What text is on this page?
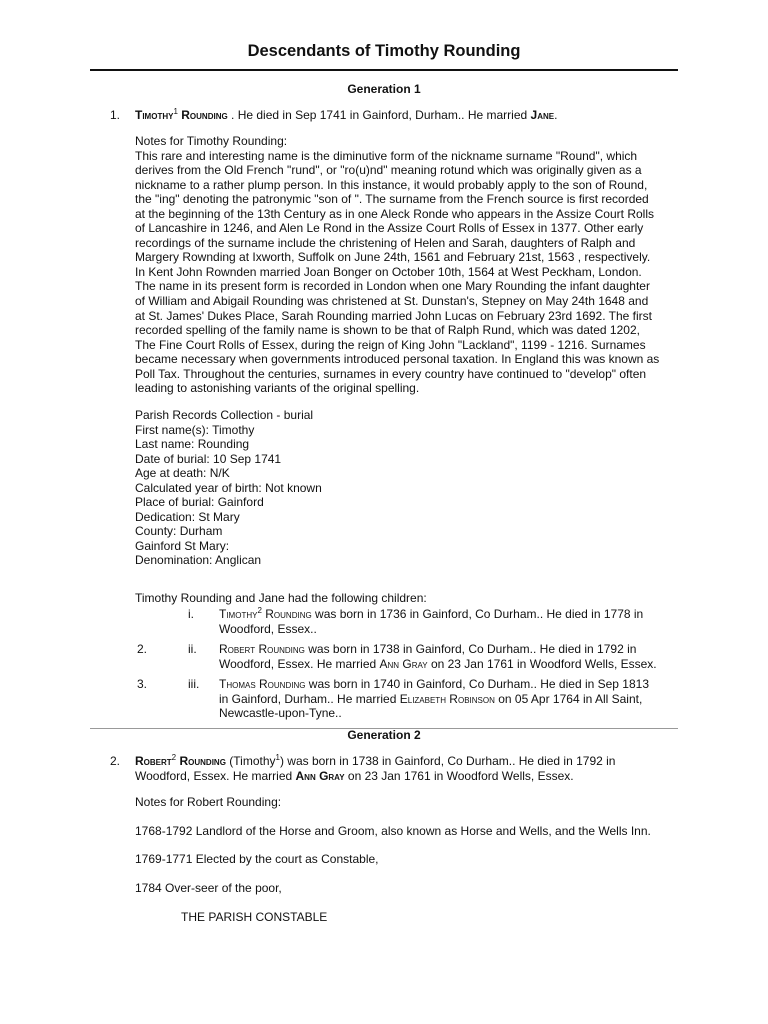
Descendants of Timothy Rounding
Generation 1
1. Timothy$^1$ Rounding . He died in Sep 1741 in Gainford, Durham.. He married Jane.
Notes for Timothy Rounding:
This rare and interesting name is the diminutive form of the nickname surname "Round", which
derives from the Old French "rund", or "ro(u)nd" meaning rotund which was originally given as a
nickname to a rather plump person. In this instance, it would probably apply to the son of Round,
the "ing" denoting the patronymic "son of ". The surname from the French source is first recorded
at the beginning of the 13th Century as in one Aleck Ronde who appears in the Assize Court Rolls
of Lancashire in 1246, and Alen Le Rond in the Assize Court Rolls of Essex in 1377. Other early
recordings of the surname include the christening of Helen and Sarah, daughters of Ralph and
Margery Rownding at Ixworth, Suffolk on June 24th, 1561 and February 21st, 1563 , respectively.
In Kent John Rownden married Joan Bonger on October 10th, 1564 at West Peckham, London.
The name in its present form is recorded in London when one Mary Rounding the infant daughter
of William and Abigail Rounding was christened at St. Dunstan's, Stepney on May 24th 1648 and
at St. James' Dukes Place, Sarah Rounding married John Lucas on February 23rd 1692. The first
recorded spelling of the family name is shown to be that of Ralph Rund, which was dated 1202,
The Fine Court Rolls of Essex, during the reign of King John "Lackland", 1199 - 1216. Surnames
became necessary when governments introduced personal taxation. In England this was known as
Poll Tax. Throughout the centuries, surnames in every country have continued to "develop" often
leading to astonishing variants of the original spelling.
Parish Records Collection - burial
First name(s): Timothy
Last name: Rounding
Date of burial: 10 Sep 1741
Age at death: N/K
Calculated year of birth: Not known
Place of burial: Gainford
Dedication: St Mary
County: Durham
Gainford St Mary:
Denomination: Anglican
Timothy Rounding and Jane had the following children:
i. Timothy$^2$ Rounding was born in 1736 in Gainford, Co Durham.. He died in 1778 in
Woodford, Essex..
2.	ii. Robert Rounding was born in 1738 in Gainford, Co Durham.. He died in 1792 in
Woodford, Essex. He married Ann Gray on 23 Jan 1761 in Woodford Wells, Essex.
3.	iii. Thomas Rounding was born in 1740 in Gainford, Co Durham.. He died in Sep 1813
in Gainford, Durham.. He married Elizabeth Robinson on 05 Apr 1764 in All Saint,
Newcastle-upon-Tyne..
Generation 2
2. Robert$^2$ Rounding (Timothy$^1$) was born in 1738 in Gainford, Co Durham.. He died in 1792 in
Woodford, Essex. He married Ann Gray on 23 Jan 1761 in Woodford Wells, Essex.
Notes for Robert Rounding:
1768-1792 Landlord of the Horse and Groom, also known as Horse and Wells, and the Wells Inn.
1769-1771 Elected by the court as Constable,
1784 Over-seer of the poor,
THE PARISH CONSTABLE
